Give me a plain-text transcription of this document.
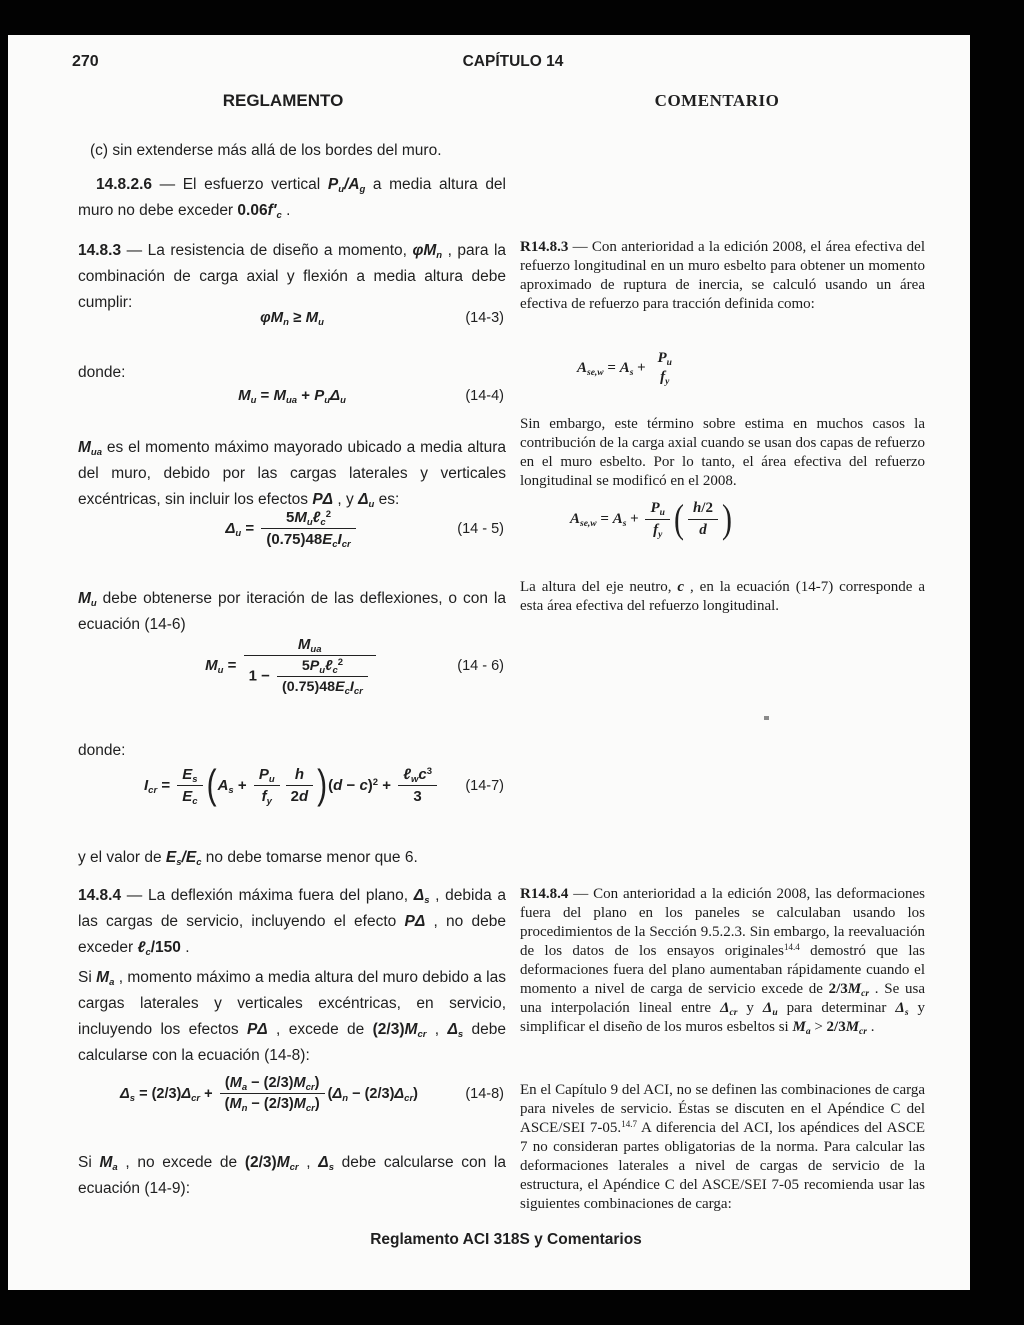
270	CAPÍTULO 14
REGLAMENTO	COMENTARIO

(c) sin extenderse más allá de los bordes del muro.

14.8.2.6 — El esfuerzo vertical $P_u/A_g$ a media altura del muro no debe exceder $0.06f'_c$ .

14.8.3 — La resistencia de diseño a momento, $\varphi M_n$ , para la combinación de carga axial y flexión a media altura debe cumplir:

$\varphi M_n \ge M_u$	(14-3)

donde:

$M_u = M_{ua} + P_u\Delta_u$	(14-4)

$M_{ua}$ es el momento máximo mayorado ubicado a media altura del muro, debido por las cargas laterales y verticales excéntricas, sin incluir los efectos PΔ , y $\Delta_u$ es:

$\Delta_u = \frac{5M_u\ell_c^2}{(0.75)48E_cI_{cr}}$	(14 - 5)

$M_u$ debe obtenerse por iteración de las deflexiones, o con la ecuación (14-6)

$M_u = \frac{M_{ua}}{1 - \frac{5P_u\ell_c^2}{(0.75)48E_cI_{cr}}}$	(14 - 6)

donde:

$I_{cr} = \frac{E_s}{E_c}$ ( $A_s + \frac{P_u}{f_y} \frac{h}{2d}$ ) $(d - c)^2 + \frac{\ell_wc^3}{3} (14-7)$

y el valor de $E_s/E_c$ no debe tomarse menor que 6.

14.8.4 — La deflexión máxima fuera del plano, $\Delta_s$ , debida a las cargas de servicio, incluyendo el efecto PΔ , no debe exceder ℓ$_c$/150 .

Si $M_a$ , momento máximo a media altura del muro debido a las cargas laterales y verticales excéntricas, en servicio, incluyendo los efectos PΔ , excede de $(2/3)M_{cr}$ , $\Delta_s$ debe calcularse con la ecuación (14-8):

$\Delta_s = (2/3)\Delta_{cr} + \frac{(M_a - (2/3)M_{cr})}{(M_n - (2/3)M_{cr})} (\Delta_n - (2/3)\Delta_{cr})$	(14-8)

Si $M_a$ , no excede de $(2/3)M_{cr}$ , $\Delta_s$ debe calcularse con la ecuación (14-9):

R14.8.3 — Con anterioridad a la edición 2008, el área efectiva del refuerzo longitudinal en un muro esbelto para obtener un momento aproximado de ruptura de inercia, se calculó usando un área efectiva de refuerzo para tracción definida como:

$A_{se,w} = A_s$ +
$P_u$
$f_y$

Sin embargo, este término sobre estima en muchos casos la contribución de la carga axial cuando se usan dos capas de refuerzo en el muro esbelto. Por lo tanto, el área efectiva del refuerzo longitudinal se modificó en el 2008.

$A_{se,w} = A_s + \frac{P_u}{f_y}$ ( $\frac{h/2}{d}$ )

La altura del eje neutro, c , en la ecuación (14-7) corresponde a esta área efectiva del refuerzo longitudinal.

R14.8.4 — Con anterioridad a la edición 2008, las deformaciones fuera del plano en los paneles se calculaban usando los procedimientos de la Sección 9.5.2.3. Sin embargo, la reevaluación de los datos de los ensayos originales$^{14.4}$ demostró que las deformaciones fuera del plano aumentaban rápidamente cuando el momento a nivel de carga de servicio excede de $2/3M_{cr}$ . Se usa una interpolación lineal entre $\Delta_{cr}$ y $\Delta_u$ para determinar $\Delta_s$ y simplificar el diseño de los muros esbeltos si $M_a > 2/3M_{cr}$ .

En el Capítulo 9 del ACI, no se definen las combinaciones de carga para niveles de servicio. Éstas se discuten en el Apéndice C del ASCE/SEI 7-05.$^{14.7}$ A diferencia del ACI, los apéndices del ASCE 7 no consideran partes obligatorias de la norma. Para calcular las deformaciones laterales a nivel de cargas de servicio de la estructura, el Apéndice C del ASCE/SEI 7-05 recomienda usar las siguientes combinaciones de carga:

Reglamento ACI 318S y Comentarios
